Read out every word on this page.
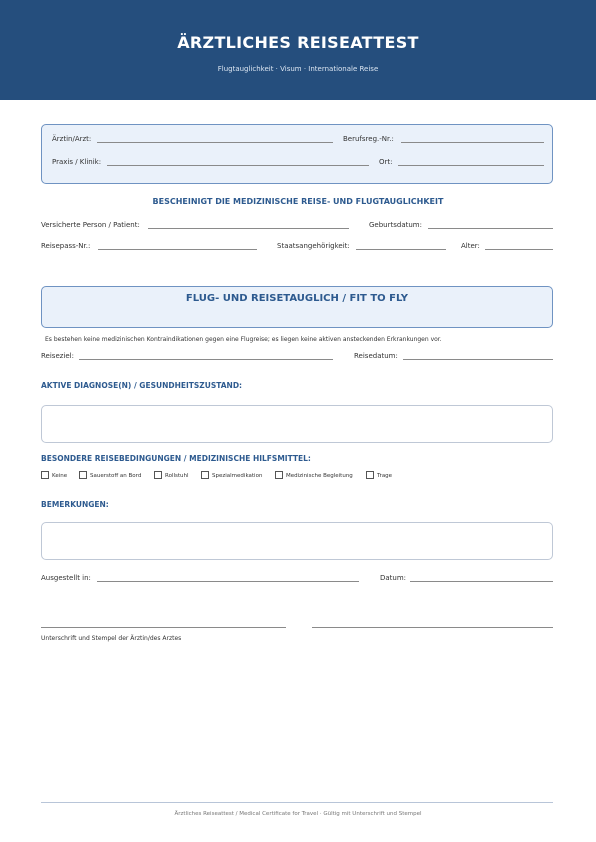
ÄRZTLICHES REISEATTEST
Flugtauglichkeit · Visum · Internationale Reise
Ärztin/Arzt:	Berufsreg.-Nr.:
Praxis / Klinik:	Ort:
BESCHEINIGT DIE MEDIZINISCHE REISE- UND FLUGTAUGLICHKEIT
Versicherte Person / Patient:	Geburtsdatum:
Reisepass-Nr.:	Staatsangehörigkeit:	Alter:
FLUG- UND REISETAUGLICH / FIT TO FLY
Es bestehen keine medizinischen Kontraindikationen gegen eine Flugreise; es liegen keine aktiven ansteckenden Erkrankungen vor.
Reiseziel:	Reisedatum:
AKTIVE DIAGNOSE(N) / GESUNDHEITSZUSTAND:
BESONDERE REISEBEDINGUNGEN / MEDIZINISCHE HILFSMITTEL:
Keine	Sauerstoff an Bord	Rollstuhl	Spezialmedikation	Medizinische Begleitung	Trage
BEMERKUNGEN:
Ausgestellt in:	Datum:
Unterschrift und Stempel der Ärztin/des Arztes
Ärztliches Reiseattest / Medical Certificate for Travel · Gültig mit Unterschrift und Stempel
